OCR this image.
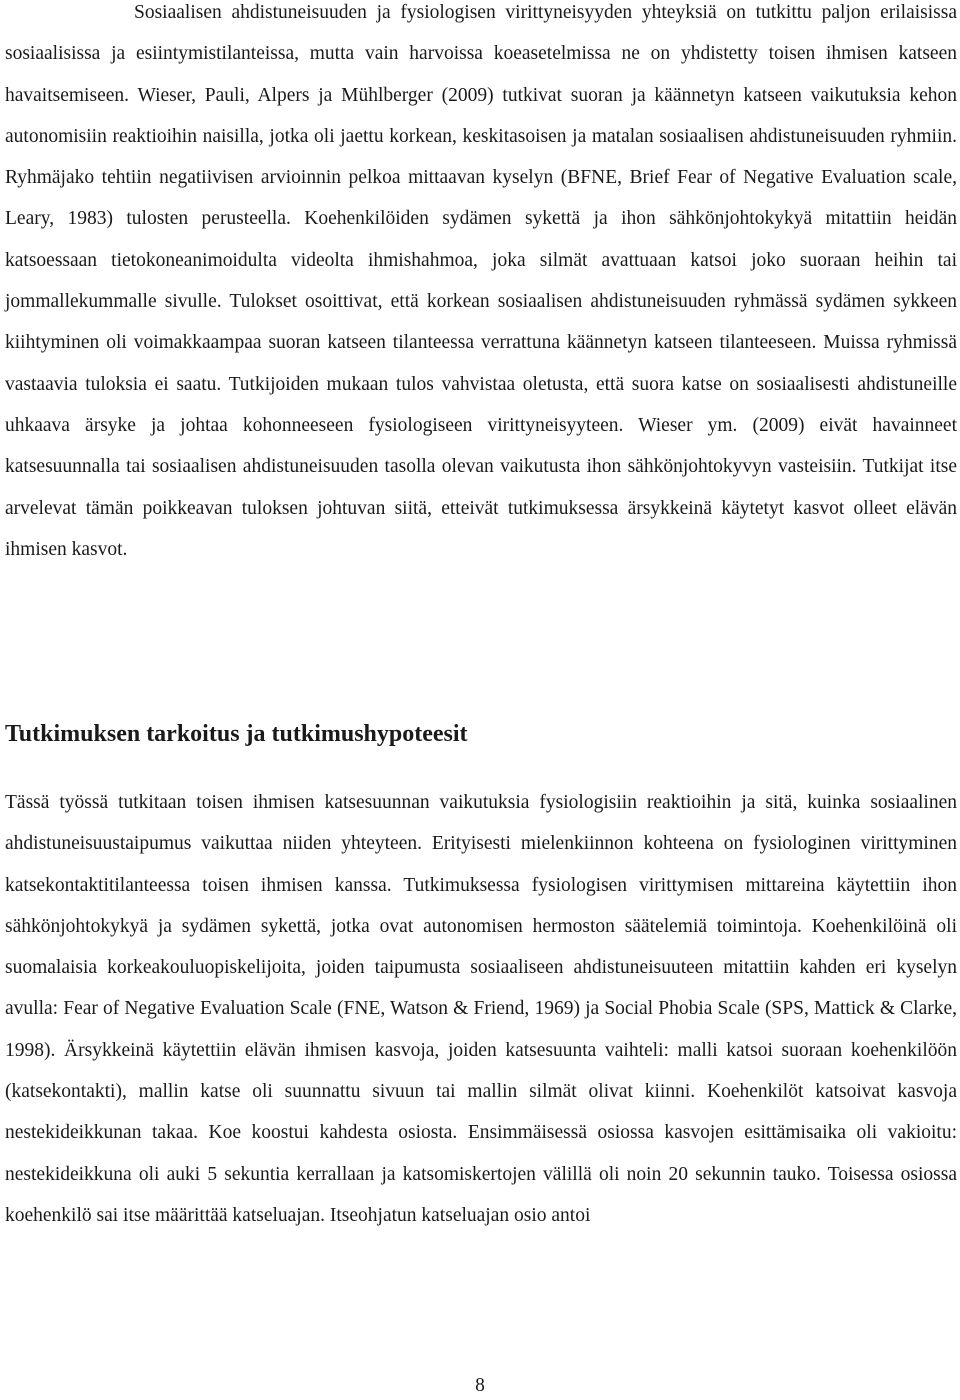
Sosiaalisen ahdistuneisuuden ja fysiologisen virittyneisyyden yhteyksiä on tutkittu paljon erilaisissa sosiaalisissa ja esiintymistilanteissa, mutta vain harvoissa koeasetelmissa ne on yhdistetty toisen ihmisen katseen havaitsemiseen. Wieser, Pauli, Alpers ja Mühlberger (2009) tutkivat suoran ja käännetyn katseen vaikutuksia kehon autonomisiin reaktioihin naisilla, jotka oli jaettu korkean, keskitasoisen ja matalan sosiaalisen ahdistuneisuuden ryhmiin. Ryhmäjako tehtiin negatiivisen arvioinnin pelkoa mittaavan kyselyn (BFNE, Brief Fear of Negative Evaluation scale, Leary, 1983) tulosten perusteella. Koehenkilöiden sydämen sykettä ja ihon sähkönjohtokykyä mitattiin heidän katsoessaan tietokoneanimoidulta videolta ihmishahmoa, joka silmät avattuaan katsoi joko suoraan heihin tai jommallekummalle sivulle. Tulokset osoittivat, että korkean sosiaalisen ahdistuneisuuden ryhmässä sydämen sykkeen kiihtyminen oli voimakkaampaa suoran katseen tilanteessa verrattuna käännetyn katseen tilanteeseen. Muissa ryhmissä vastaavia tuloksia ei saatu. Tutkijoiden mukaan tulos vahvistaa oletusta, että suora katse on sosiaalisesti ahdistuneille uhkaava ärsyke ja johtaa kohonneeseen fysiologiseen virittyneisyyteen. Wieser ym. (2009) eivät havainneet katsesuunnalla tai sosiaalisen ahdistuneisuuden tasolla olevan vaikutusta ihon sähkönjohtokyvyn vasteisiin. Tutkijat itse arvelevat tämän poikkeavan tuloksen johtuvan siitä, etteivät tutkimuksessa ärsykkeinä käytetyt kasvot olleet elävän ihmisen kasvot.

Tutkimuksen tarkoitus ja tutkimushypoteesit

Tässä työssä tutkitaan toisen ihmisen katsesuunnan vaikutuksia fysiologisiin reaktioihin ja sitä, kuinka sosiaalinen ahdistuneisuustaipumus vaikuttaa niiden yhteyteen. Erityisesti mielenkiinnon kohteena on fysiologinen virittyminen katsekontaktitilanteessa toisen ihmisen kanssa. Tutkimuksessa fysiologisen virittymisen mittareina käytettiin ihon sähkönjohtokykyä ja sydämen sykettä, jotka ovat autonomisen hermoston säätelemiä toimintoja. Koehenkilöinä oli suomalaisia korkeakouluopiskelijoita, joiden taipumusta sosiaaliseen ahdistuneisuuteen mitattiin kahden eri kyselyn avulla: Fear of Negative Evaluation Scale (FNE, Watson & Friend, 1969) ja Social Phobia Scale (SPS, Mattick & Clarke, 1998). Ärsykkeinä käytettiin elävän ihmisen kasvoja, joiden katsesuunta vaihteli: malli katsoi suoraan koehenkilöön (katsekontakti), mallin katse oli suunnattu sivuun tai mallin silmät olivat kiinni. Koehenkilöt katsoivat kasvoja nestekideikkunan takaa. Koe koostui kahdesta osiosta. Ensimmäisessä osiossa kasvojen esittämisaika oli vakioitu: nestekideikkuna oli auki 5 sekuntia kerrallaan ja katsomiskertojen välillä oli noin 20 sekunnin tauko. Toisessa osiossa koehenkilö sai itse määrittää katseluajan. Itseohjatun katseluajan osio antoi

8
